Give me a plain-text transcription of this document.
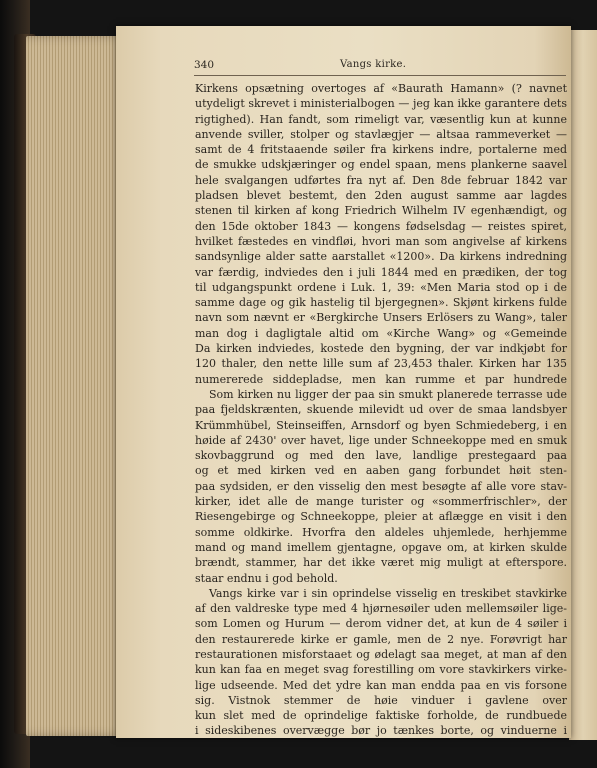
340	Vangs kirke.
Kirkens opsætning overtoges af «Baurath Hamann» (? navnet
utydeligt skrevet i ministerialbogen — jeg kan ikke garantere dets
rigtighed). Han fandt, som rimeligt var, væsentlig kun at kunne
anvende sviller, stolper og stavlægjer — altsaa rammeverket —
samt de 4 fritstaaende søiler fra kirkens indre, portalerne med
de smukke udskjæringer og endel spaan, mens plankerne saavel
hele svalgangen udførtes fra nyt af. Den 8de februar 1842 var
pladsen blevet bestemt, den 2den august samme aar lagdes
stenen til kirken af kong Friedrich Wilhelm IV egenhændigt, og
den 15de oktober 1843 — kongens fødselsdag — reistes spiret,
hvilket fæstedes en vindfløi, hvori man som angivelse af kirkens
sandsynlige alder satte aarstallet «1200». Da kirkens indredning
var færdig, indviedes den i juli 1844 med en prædiken, der tog
til udgangspunkt ordene i Luk. 1, 39: «Men Maria stod op i de
samme dage og gik hastelig til bjergegnen». Skjønt kirkens fulde
navn som nævnt er «Bergkirche Unsers Erlösers zu Wang», taler
man dog i dagligtale altid om «Kirche Wang» og «Gemeinde
Da kirken indviedes, kostede den bygning, der var indkjøbt for
120 thaler, den nette lille sum af 23,453 thaler. Kirken har 135
numererede siddepladse, men kan rumme et par hundrede
Som kirken nu ligger der paa sin smukt planerede terrasse ude
paa fjeldskrænten, skuende milevidt ud over de smaa landsbyer
Krümmhübel, Steinseiffen, Arnsdorf og byen Schmiedeberg, i en
høide af 2430' over havet, lige under Schneekoppe med en smuk
skovbaggrund og med den lave, landlige prestegaard paa
og et med kirken ved en aaben gang forbundet høit sten-
paa sydsiden, er den visselig den mest besøgte af alle vore stav-
kirker, idet alle de mange turister og «sommerfrischler», der
Riesengebirge og Schneekoppe, pleier at aflægge en visit i den
somme oldkirke. Hvorfra den aldeles uhjemlede, herhjemme
mand og mand imellem gjentagne, opgave om, at kirken skulde
brændt, stammer, har det ikke været mig muligt at efterspore.
staar endnu i god behold.
Vangs kirke var i sin oprindelse visselig en treskibet stavkirke
af den valdreske type med 4 hjørnesøiler uden mellemsøiler lige-
som Lomen og Hurum — derom vidner det, at kun de 4 søiler i
den restaurerede kirke er gamle, men de 2 nye. Forøvrigt har
restaurationen misforstaaet og ødelagt saa meget, at man af den
kun kan faa en meget svag forestilling om vore stavkirkers virke-
lige udseende. Med det ydre kan man endda paa en vis forsone
sig. Vistnok stemmer de høie vinduer i gavlene over
kun slet med de oprindelige faktiske forholde, de rundbuede
i sideskibenes overvægge bør jo tænkes borte, og vinduerne i
